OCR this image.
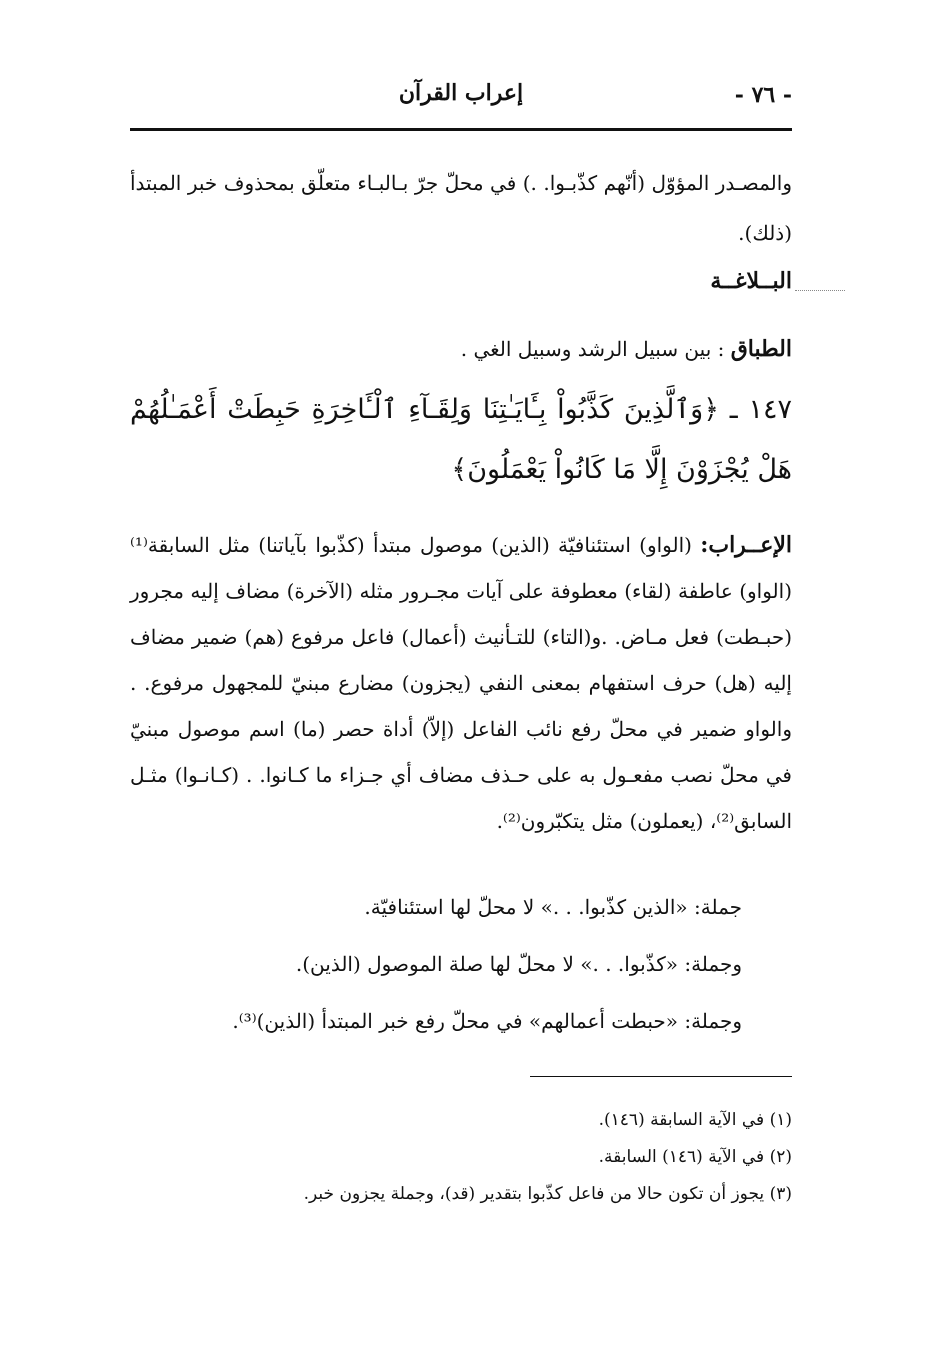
- ٧٦ -
إعراب القرآن
والمصـدر المؤوّل (أنّهم كذّبـوا. .) في محلّ جرّ بـالبـاء متعلّق بمحذوف خبر المبتدأ (ذلك).
البــلاغــة
الطباق : بين سبيل الرشد وسبيل الغي .
١٤٧ ـ ﴿وَٱلَّذِينَ كَذَّبُواْ بِـَٔايَـٰتِنَا وَلِقَـآءِ ٱلْـَٔاخِرَةِ حَبِطَتْ أَعْمَـٰلُهُمْ هَلْ يُجْزَوْنَ إِلَّا مَا كَانُواْ يَعْمَلُونَ﴾
الإعــراب: (الواو) استئنافيّة (الذين) موصول مبتدأ (كذّبوا بآياتنا) مثل السابقة⁽¹⁾ (الواو) عاطفة (لقاء) معطوفة على آيات مجـرور مثله (الآخرة) مضاف إليه مجرور (حبـطت) فعل مـاض. .و(التاء) للتـأنيث (أعمال) فاعل مرفوع (هم) ضمير مضاف إليه (هل) حرف استفهام بمعنى النفي (يجزون) مضارع مبنيّ للمجهول مرفوع. . والواو ضمير في محلّ رفع نائب الفاعل (إلاّ) أداة حصر (ما) اسم موصول مبنيّ في محلّ نصب مفعـول به على حـذف مضاف أي جـزاء ما كـانوا. . (كـانـوا) مثـل السابق⁽²⁾، (يعملون) مثل يتكبّرون⁽²⁾.
جملة: «الذين كذّبوا. . .» لا محلّ لها استئنافيّة.
وجملة: «كذّبوا. . .» لا محلّ لها صلة الموصول (الذين).
وجملة: «حبطت أعمالهم» في محلّ رفع خبر المبتدأ (الذين)⁽³⁾.
(١) في الآية السابقة (١٤٦).
(٢) في الآية (١٤٦) السابقة.
(٣) يجوز أن تكون حالا من فاعل كذّبوا بتقدير (قد)، وجملة يجزون خبر.
